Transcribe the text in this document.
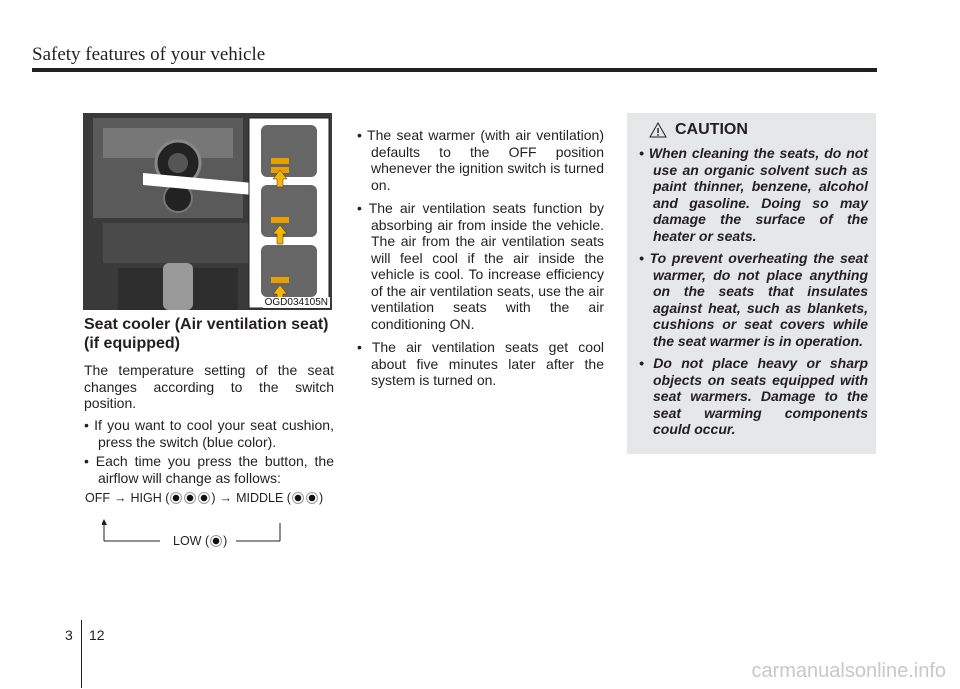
Safety features of your vehicle
OGD034105N
Seat cooler (Air ventilation seat) (if equipped)
The temperature setting of the seat changes according to the switch position.
• If you want to cool your seat cushion, press the switch (blue color).
• Each time you press the button, the airflow will change as follows:
OFF → HIGH (	) → MIDDLE ( )
LOW ( )
• The seat warmer (with air ventilation) defaults to the OFF position whenever the ignition switch is turned on.
• The air ventilation seats function by absorbing air from inside the vehicle. The air from the air ventilation seats will feel cool if the air inside the vehicle is cool. To increase efficiency of the air ventilation seats, use the air ventilation seats with the air conditioning ON.
• The air ventilation seats get cool about five minutes later after the system is turned on.
CAUTION
• When cleaning the seats, do not use an organic solvent such as paint thinner, benzene, alcohol and gasoline. Doing so may damage the surface of the heater or seats.
• To prevent overheating the seat warmer, do not place anything on the seats that insulates against heat, such as blankets, cushions or seat covers while the seat warmer is in operation.
• Do not place heavy or sharp objects on seats equipped with seat warmers. Damage to the seat warming components could occur.
3 12
carmanualsonline.info
